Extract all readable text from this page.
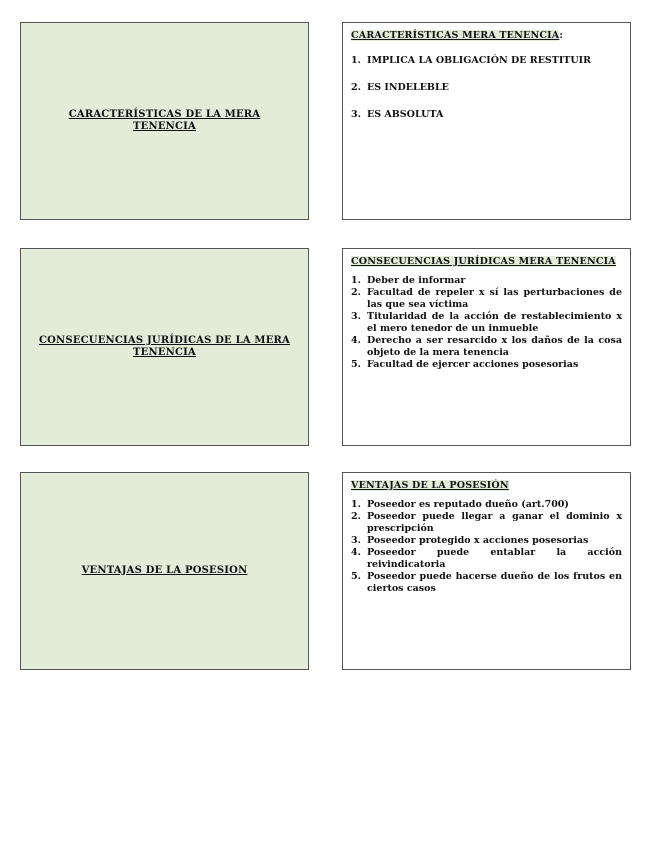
CARACTERÍSTICAS DE LA MERA TENENCIA
CARACTERÍSTICAS MERA TENENCIA:
1. IMPLICA LA OBLIGACIÓN DE RESTITUIR
2. ES INDELEBLE
3. ES ABSOLUTA
CONSECUENCIAS JURÍDICAS DE LA MERA TENENCIA
CONSECUENCIAS JURÍDICAS MERA TENENCIA
1. Deber de informar
2. Facultad de repeler x sí las perturbaciones de las que sea víctima
3. Titularidad de la acción de restablecimiento x el mero tenedor de un inmueble
4. Derecho a ser resarcido x los daños de la cosa objeto de la mera tenencia
5. Facultad de ejercer acciones posesorias
VENTAJAS DE LA POSESION
VENTAJAS DE LA POSESIÓN
1. Poseedor es reputado dueño (art.700)
2. Poseedor puede llegar a ganar el dominio x prescripción
3. Poseedor protegido x acciones posesorias
4. Poseedor puede entablar la acción reivindicatoria
5. Poseedor puede hacerse dueño de los frutos en ciertos casos
